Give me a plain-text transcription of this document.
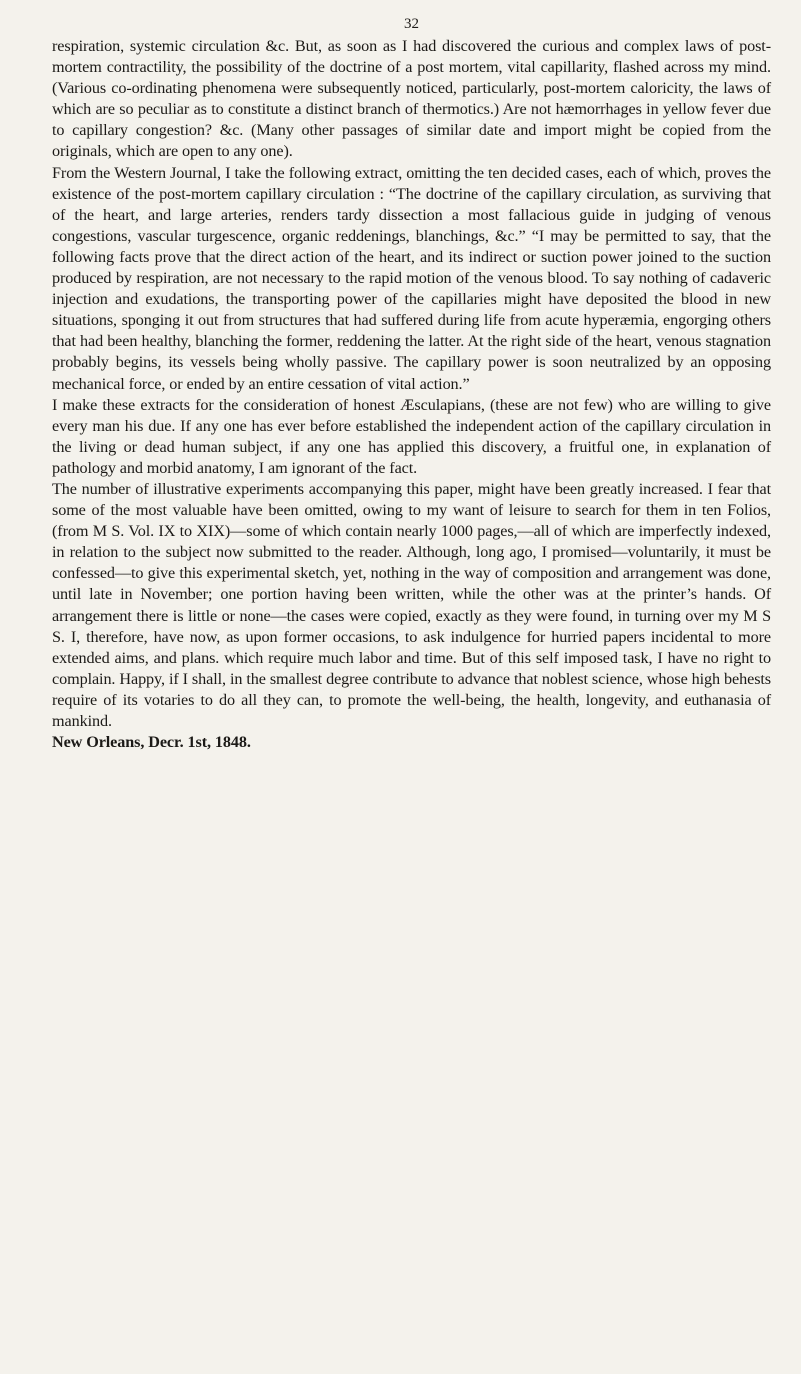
32

respiration, systemic circulation &c. But, as soon as I had discovered the curious and complex laws of post-mortem contractility, the possibility of the doctrine of a post mortem, vital capillarity, flashed across my mind. (Various co-ordinating phenomena were subsequently noticed, particularly, post-mortem caloricity, the laws of which are so peculiar as to constitute a distinct branch of thermotics.) Are not hæmorrhages in yellow fever due to capillary congestion? &c. (Many other passages of similar date and import might be copied from the originals, which are open to any one).

From the Western Journal, I take the following extract, omitting the ten decided cases, each of which, proves the existence of the post-mortem capillary circulation : “The doctrine of the capillary circulation, as surviving that of the heart, and large arteries, renders tardy dissection a most fallacious guide in judging of venous congestions, vascular turgescence, organic reddenings, blanchings, &c.” “I may be permitted to say, that the following facts prove that the direct action of the heart, and its indirect or suction power joined to the suction produced by respiration, are not necessary to the rapid motion of the venous blood. To say nothing of cadaveric injection and exudations, the transporting power of the capillaries might have deposited the blood in new situations, sponging it out from structures that had suffered during life from acute hyperæmia, engorging others that had been healthy, blanching the former, reddening the latter. At the right side of the heart, venous stagnation probably begins, its vessels being wholly passive. The capillary power is soon neutralized by an opposing mechanical force, or ended by an entire cessation of vital action.”

I make these extracts for the consideration of honest Æsculapians, (these are not few) who are willing to give every man his due. If any one has ever before established the independent action of the capillary circulation in the living or dead human subject, if any one has applied this discovery, a fruitful one, in explanation of pathology and morbid anatomy, I am ignorant of the fact.

The number of illustrative experiments accompanying this paper, might have been greatly increased. I fear that some of the most valuable have been omitted, owing to my want of leisure to search for them in ten Folios, (from M S. Vol. IX to XIX)—some of which contain nearly 1000 pages,—all of which are imperfectly indexed, in relation to the subject now submitted to the reader. Although, long ago, I promised—voluntarily, it must be confessed—to give this experimental sketch, yet, nothing in the way of composition and arrangement was done, until late in November; one portion having been written, while the other was at the printer’s hands. Of arrangement there is little or none—the cases were copied, exactly as they were found, in turning over my M S S. I, therefore, have now, as upon former occasions, to ask indulgence for hurried papers incidental to more extended aims, and plans. which require much labor and time. But of this self imposed task, I have no right to complain. Happy, if I shall, in the smallest degree contribute to advance that noblest science, whose high behests require of its votaries to do all they can, to promote the well-being, the health, longevity, and euthanasia of mankind.

New Orleans, Decr. 1st, 1848.
